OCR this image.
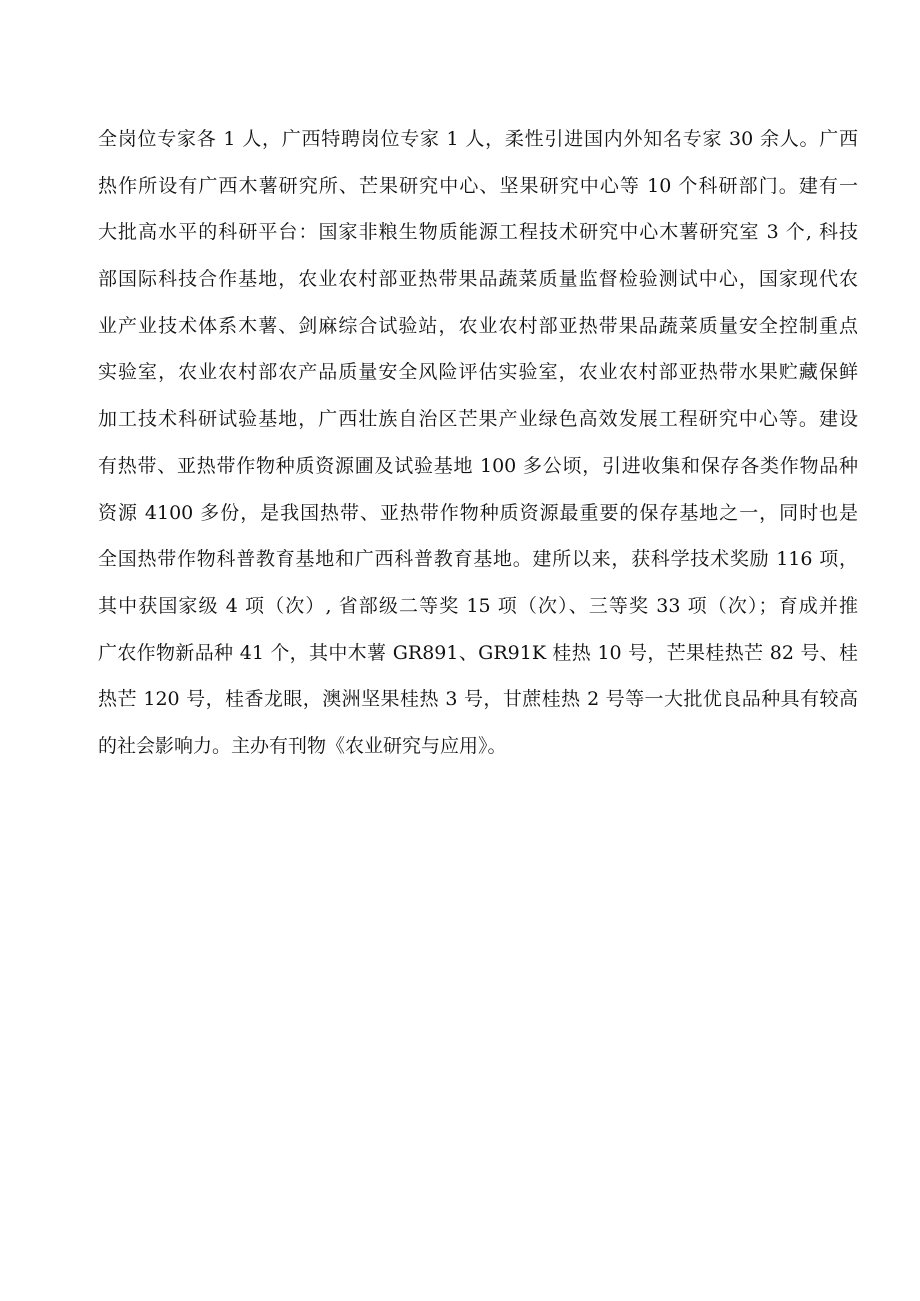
全岗位专家各 1 人，广西特聘岗位专家 1 人，柔性引进国内外知名专家 30 余人。广西
热作所设有广西木薯研究所、芒果研究中心、坚果研究中心等 10 个科研部门。建有一
大批高水平的科研平台：国家非粮生物质能源工程技术研究中心木薯研究室 3 个, 科技
部国际科技合作基地，农业农村部亚热带果品蔬菜质量监督检验测试中心，国家现代农
业产业技术体系木薯、剑麻综合试验站，农业农村部亚热带果品蔬菜质量安全控制重点
实验室，农业农村部农产品质量安全风险评估实验室，农业农村部亚热带水果贮藏保鲜
加工技术科研试验基地，广西壮族自治区芒果产业绿色高效发展工程研究中心等。建设
有热带、亚热带作物种质资源圃及试验基地 100 多公顷，引进收集和保存各类作物品种
资源 4100 多份，是我国热带、亚热带作物种质资源最重要的保存基地之一，同时也是
全国热带作物科普教育基地和广西科普教育基地。建所以来，获科学技术奖励 116 项，
其中获国家级 4 项（次）, 省部级二等奖 15 项（次）、三等奖 33 项（次）；育成并推
广农作物新品种 41 个，其中木薯 GR891、GR91K 桂热 10 号，芒果桂热芒 82 号、桂
热芒 120 号，桂香龙眼，澳洲坚果桂热 3 号，甘蔗桂热 2 号等一大批优良品种具有较高
的社会影响力。主办有刊物《农业研究与应用》。
